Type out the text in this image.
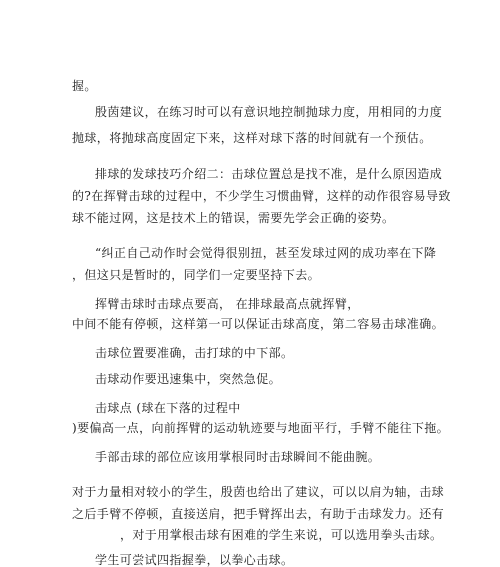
握。
殷茵建议，在练习时可以有意识地控制抛球力度，用相同的力度
抛球，将抛球高度固定下来，这样对球下落的时间就有一个预估。
排球的发球技巧介绍二：击球位置总是找不准，是什么原因造成
的?在挥臂击球的过程中，不少学生习惯曲臂，这样的动作很容易导致
球不能过网，这是技术上的错误，需要先学会正确的姿势。
“纠正自己动作时会觉得很别扭，甚至发球过网的成功率在下降
，但这只是暂时的，同学们一定要坚持下去。
挥臂击球时击球点要高， 在排球最高点就挥臂，
中间不能有停顿，这样第一可以保证击球高度，第二容易击球准确。
击球位置要准确，击打球的中下部。
击球动作要迅速集中，突然急促。
击球点 (球在下落的过程中
)要偏高一点，向前挥臂的运动轨迹要与地面平行，手臂不能往下拖。
手部击球的部位应该用掌根同时击球瞬间不能曲腕。
对于力量相对较小的学生，殷茵也给出了建议，可以以肩为轴，击球
之后手臂不停顿，直接送肩，把手臂挥出去，有助于击球发力。还有
，对于用掌根击球有困难的学生来说，可以选用拳头击球。
学生可尝试四指握拳，以拳心击球。
